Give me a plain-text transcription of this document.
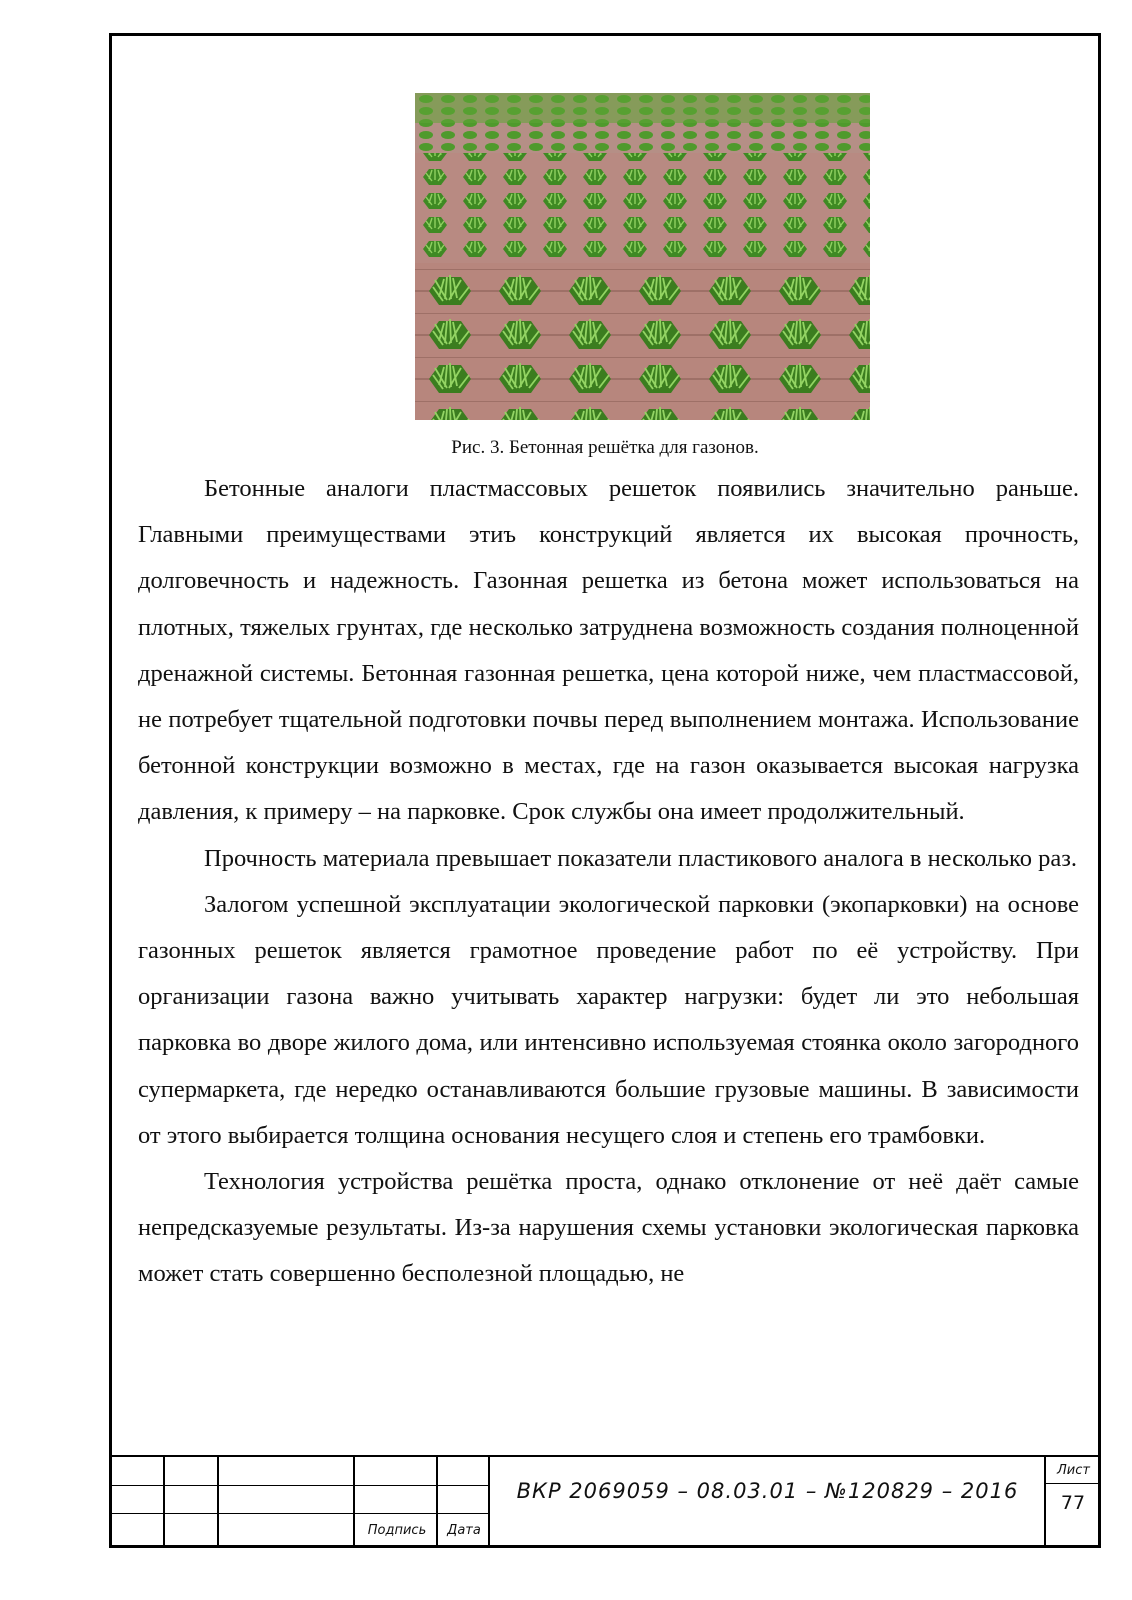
Рис. 3. Бетонная решётка для газонов.

Бетонные аналоги пластмассовых решеток появились значительно раньше. Главными преимуществами этиъ конструкций является их высокая прочность, долговечность и надежность. Газонная решетка из бетона может использоваться на плотных, тяжелых грунтах, где несколько затруднена возможность создания полноценной дренажной системы. Бетонная газонная решетка, цена которой ниже, чем пластмассовой, не потребует тщательной подготовки почвы перед выполнением монтажа. Использование бетонной конструкции возможно в местах, где на газон оказывается высокая нагрузка давления, к примеру – на парковке. Срок службы она имеет продолжительный.

Прочность материала превышает показатели пластикового аналога в несколько раз.

Залогом успешной эксплуатации экологической парковки (экопарковки) на основе газонных решеток является грамотное проведение работ по её устройству. При организации газона важно учитывать характер нагрузки: будет ли это небольшая парковка во дворе жилого дома, или интенсивно используемая стоянка около загородного супермаркета, где нередко останавливаются большие грузовые машины. В зависимости от этого выбирается толщина основания несущего слоя и степень его трамбовки.

Технология устройства решётка проста, однако отклонение от неё даёт самые непредсказуемые результаты. Из-за нарушения схемы установки экологическая парковка может стать совершенно бесполезной площадью, не

Подпись	Дата
Лист
ВКР 2069059 – 08.03.01 – №120829 – 2016	77
